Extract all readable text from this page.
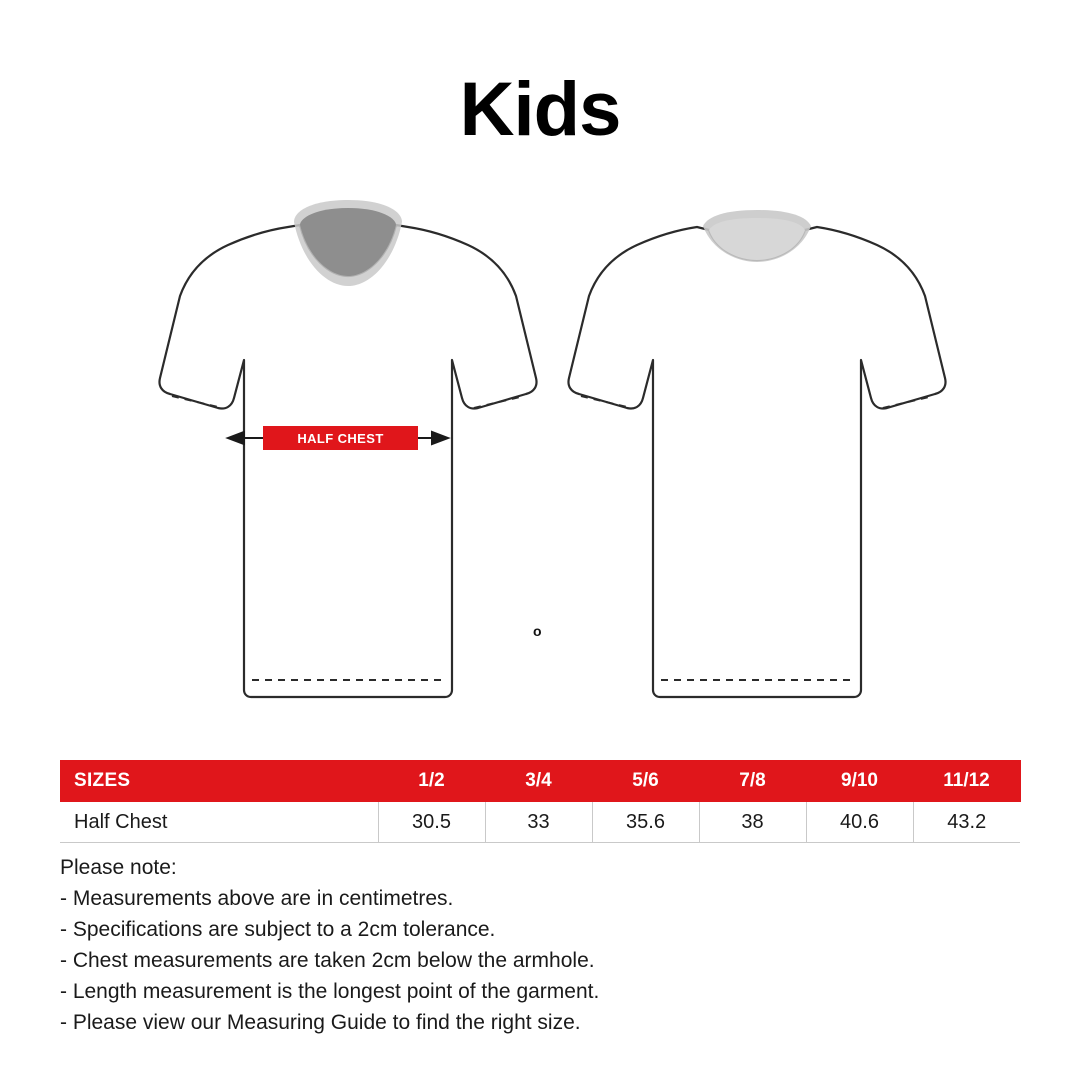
Kids
HALF CHEST
o
SIZES	1/2	3/4	5/6	7/8	9/10	11/12
Half Chest	30.5	33	35.6	38	40.6	43.2
Please note:
- Measurements above are in centimetres.
- Specifications are subject to a 2cm tolerance.
- Chest measurements are taken 2cm below the armhole.
- Length measurement is the longest point of the garment.
- Please view our Measuring Guide to find the right size.
